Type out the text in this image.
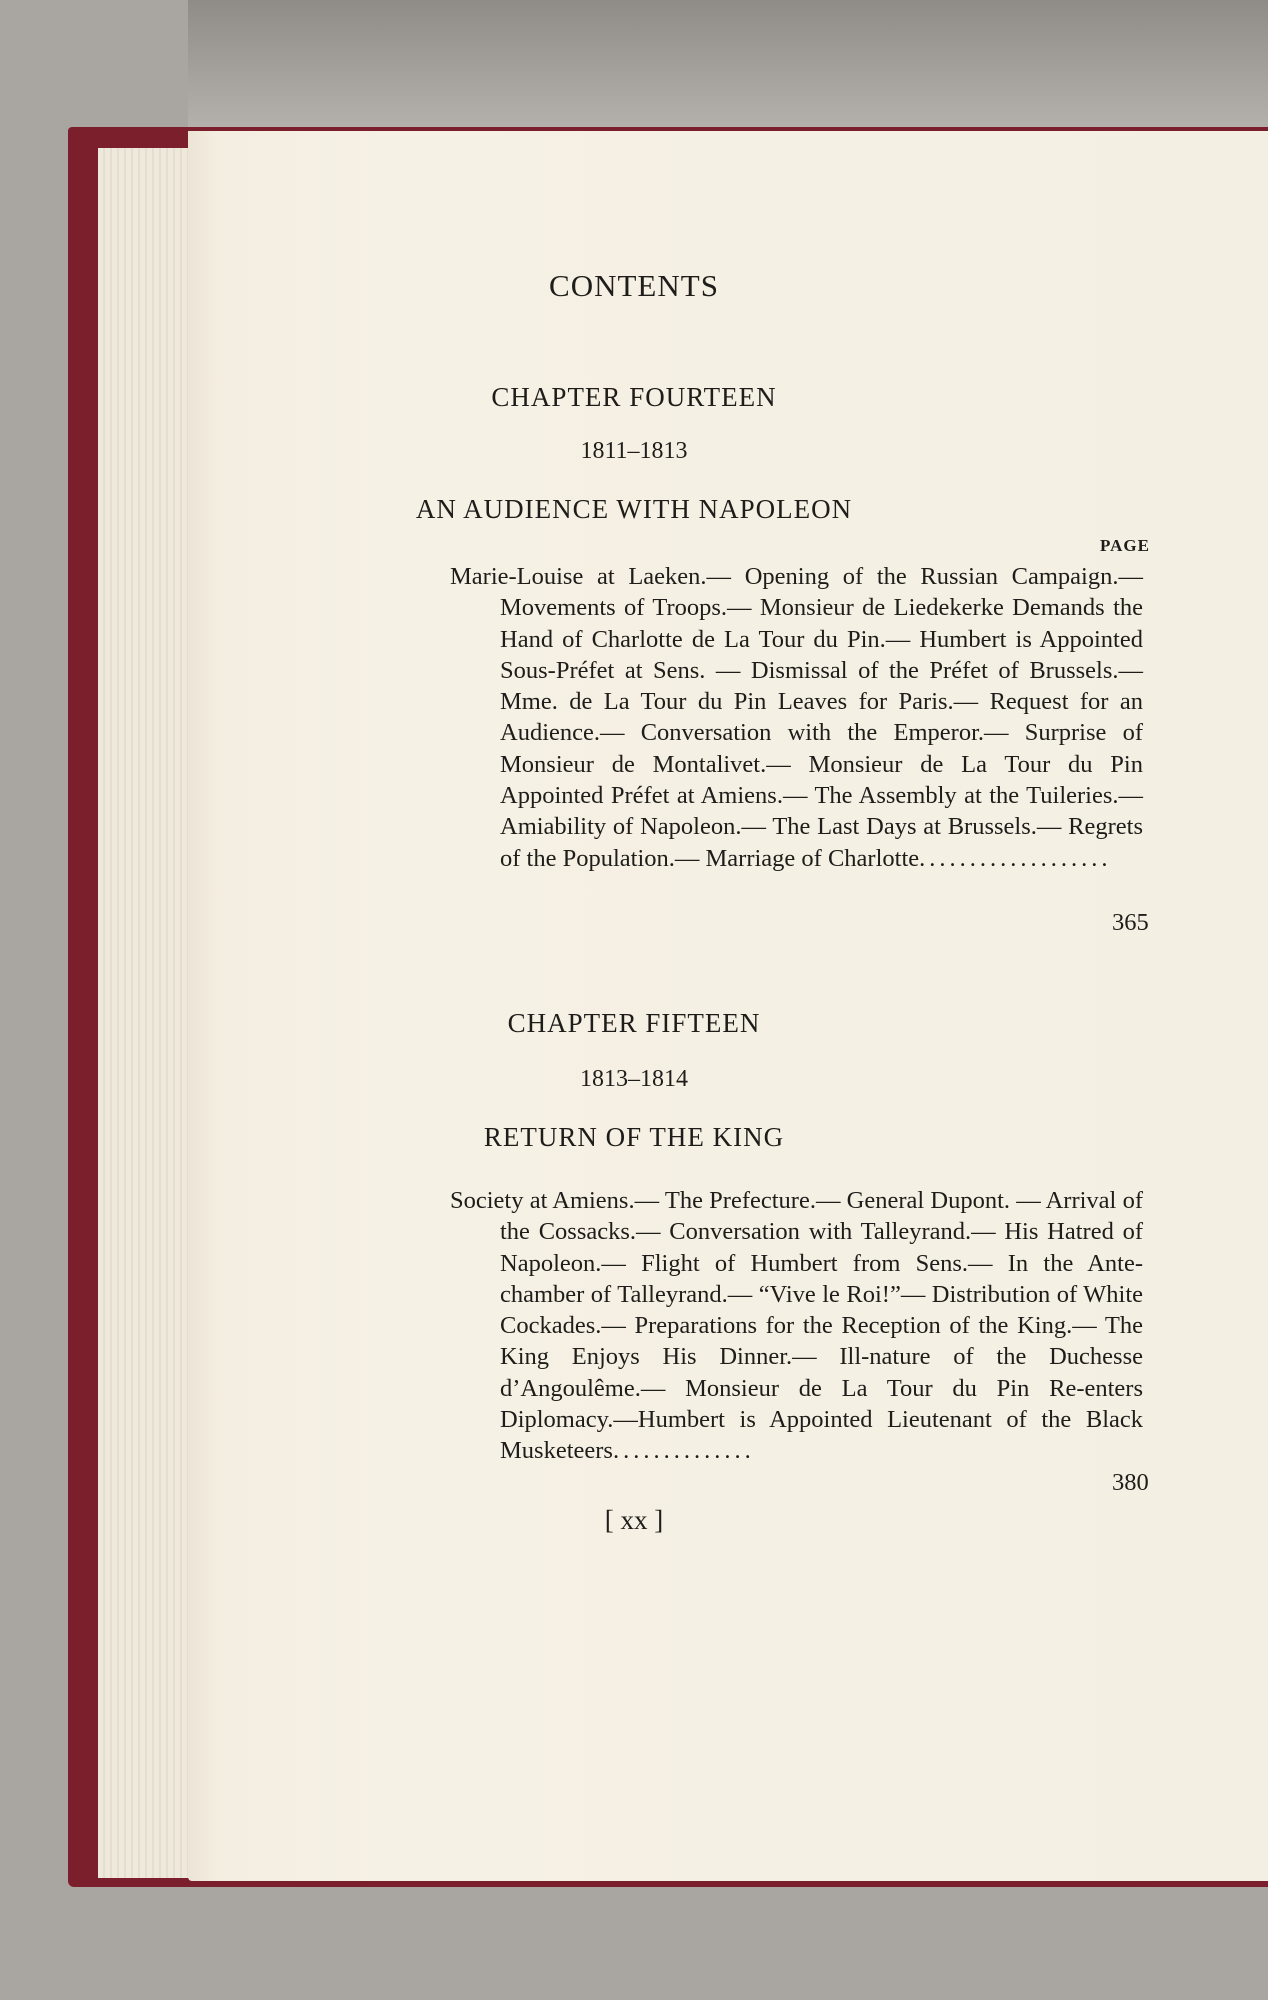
CONTENTS
CHAPTER FOURTEEN

1811–1813

AN AUDIENCE WITH NAPOLEON

PAGE

Marie-Louise at Laeken.— Opening of the Russian Campaign.— Movements of Troops.— Monsieur de Liedekerke Demands the Hand of Charlotte de La Tour du Pin.— Humbert is Appointed Sous-Préfet at Sens. — Dismissal of the Préfet of Brussels.— Mme. de La Tour du Pin Leaves for Paris.— Request for an Audience.— Conversation with the Emperor.— Surprise of Monsieur de Montalivet.— Monsieur de La Tour du Pin Appointed Préfet at Amiens.— The Assembly at the Tuileries.— Amiability of Napoleon.— The Last Days at Brussels.— Regrets of the Population.— Marriage of Charlotte...................

365

CHAPTER FIFTEEN

1813–1814

RETURN OF THE KING

Society at Amiens.— The Prefecture.— General Dupont. — Arrival of the Cossacks.— Conversation with Talleyrand.— His Hatred of Napoleon.— Flight of Humbert from Sens.— In the Ante-chamber of Talleyrand.— “Vive le Roi!”— Distribution of White Cockades.— Preparations for the Reception of the King.— The King Enjoys His Dinner.— Ill-nature of the Duchesse d’Angoulême.— Monsieur de La Tour du Pin Re-enters Diplomacy.—Humbert is Appointed Lieutenant of the Black Musketeers..............

380

[ xx ]
